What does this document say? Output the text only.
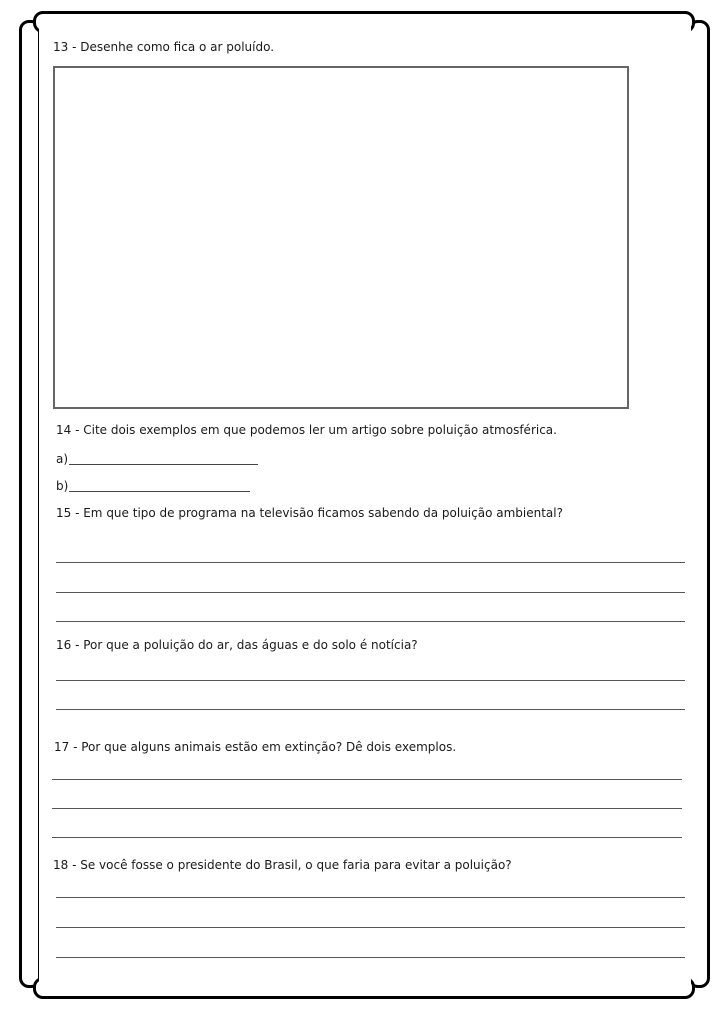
13 - Desenhe como fica o ar poluído.
14 - Cite dois exemplos em que podemos ler um artigo sobre poluição atmosférica.
a)
b)
15 - Em que tipo de programa na televisão ficamos sabendo da poluição ambiental?
16 - Por que a poluição do ar, das águas e do solo é notícia?
17 - Por que alguns animais estão em extinção? Dê dois exemplos.
18 - Se você fosse o presidente do Brasil, o que faria para evitar a poluição?
